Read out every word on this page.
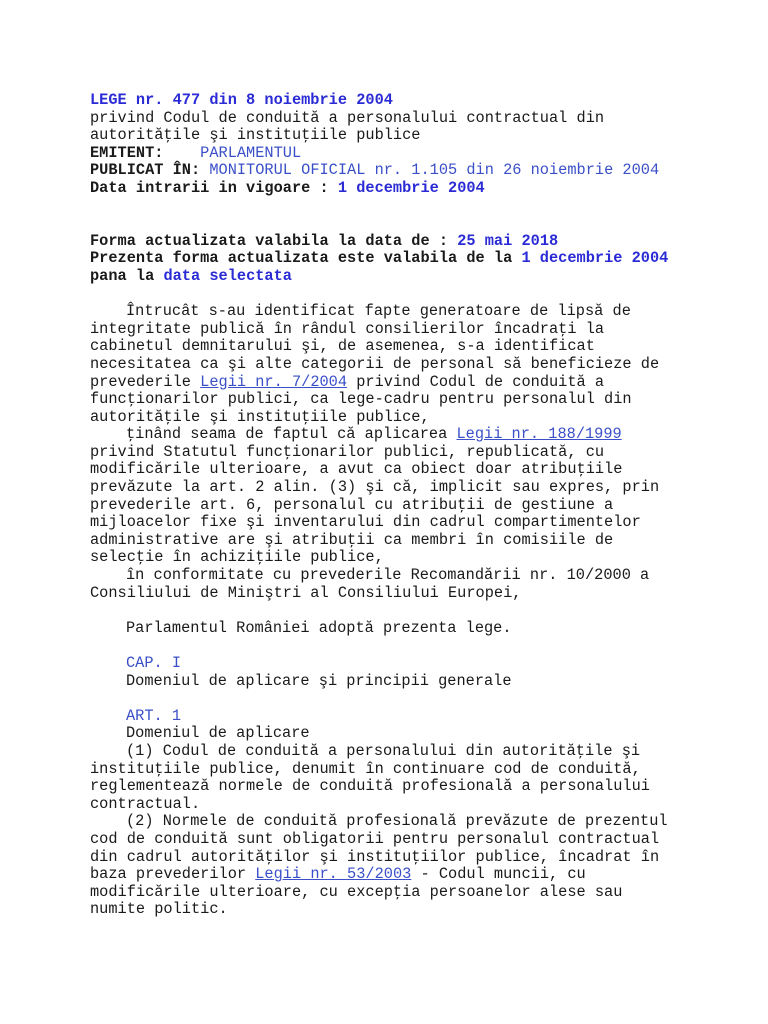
LEGE nr. 477 din 8 noiembrie 2004
privind Codul de conduită a personalului contractual din
autorităţile şi instituţiile publice
EMITENT: PARLAMENTUL
PUBLICAT ÎN: MONITORUL OFICIAL nr. 1.105 din 26 noiembrie 2004
Data intrarii in vigoare : 1 decembrie 2004
Forma actualizata valabila la data de : 25 mai 2018
Prezenta forma actualizata este valabila de la 1 decembrie 2004
pana la data selectata
Întrucât s-au identificat fapte generatoare de lipsă de
integritate publică în rândul consilierilor încadraţi la
cabinetul demnitarului şi, de asemenea, s-a identificat
necesitatea ca şi alte categorii de personal să beneficieze de
prevederile Legii nr. 7/2004 privind Codul de conduită a
funcţionarilor publici, ca lege-cadru pentru personalul din
autorităţile şi instituţiile publice,
ţinând seama de faptul că aplicarea Legii nr. 188/1999
privind Statutul funcţionarilor publici, republicată, cu
modificările ulterioare, a avut ca obiect doar atribuţiile
prevăzute la art. 2 alin. (3) şi că, implicit sau expres, prin
prevederile art. 6, personalul cu atribuţii de gestiune a
mijloacelor fixe şi inventarului din cadrul compartimentelor
administrative are şi atribuţii ca membri în comisiile de
selecţie în achiziţiile publice,
în conformitate cu prevederile Recomandării nr. 10/2000 a
Consiliului de Miniştri al Consiliului Europei,
Parlamentul României adoptă prezenta lege.
CAP. I
Domeniul de aplicare şi principii generale
ART. 1
Domeniul de aplicare
(1) Codul de conduită a personalului din autorităţile şi
instituţiile publice, denumit în continuare cod de conduită,
reglementează normele de conduită profesională a personalului
contractual.
(2) Normele de conduită profesională prevăzute de prezentul
cod de conduită sunt obligatorii pentru personalul contractual
din cadrul autorităţilor şi instituţiilor publice, încadrat în
baza prevederilor Legii nr. 53/2003 - Codul muncii, cu
modificările ulterioare, cu excepţia persoanelor alese sau
numite politic.
